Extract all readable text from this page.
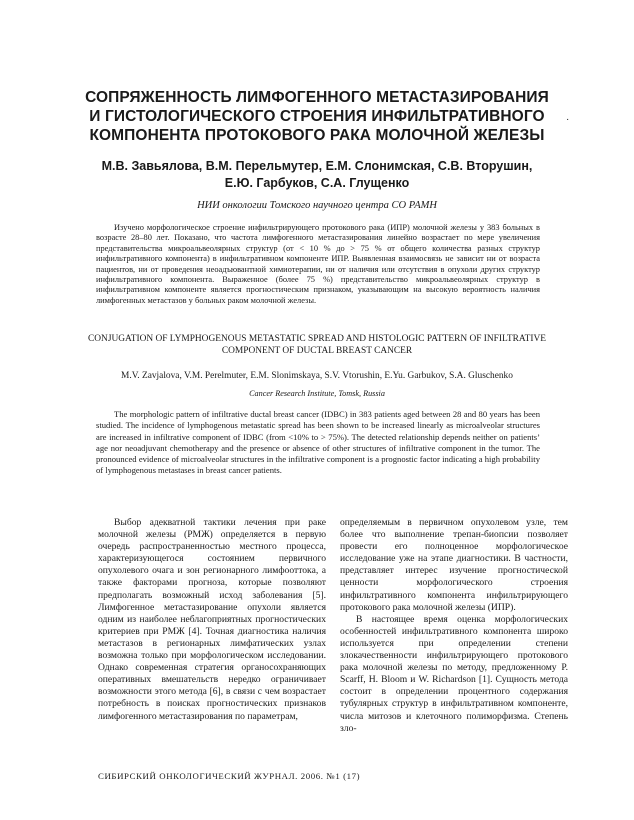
СОПРЯЖЕННОСТЬ ЛИМФОГЕННОГО МЕТАСТАЗИРОВАНИЯ
И ГИСТОЛОГИЧЕСКОГО СТРОЕНИЯ ИНФИЛЬТРАТИВНОГО
КОМПОНЕНТА ПРОТОКОВОГО РАКА МОЛОЧНОЙ ЖЕЛЕЗЫ
·
М.В. Завьялова, В.М. Перельмутер, Е.М. Слонимская, С.В. Вторушин,
Е.Ю. Гарбуков, С.А. Глущенко
НИИ онкологии Томского научного центра СО РАМН

Изучено морфологическое строение инфильтрирующего протокового рака (ИПР) молочной железы у 383 больных в возрасте 28–80 лет. Показано, что частота лимфогенного метастазирования линейно возрастает по мере увеличения представительства микроальвеолярных структур (от < 10 % до > 75 % от общего количества разных структур инфильтративного компонента) в инфильтративном компоненте ИПР. Выявленная взаимосвязь не зависит ни от возраста пациентов, ни от проведения неоадъювантной химиотерапии, ни от наличия или отсутствия в опухоли других структур инфильтративного компонента. Выраженное (более 75 %) представительство микроальвеолярных структур в инфильтративном компоненте является прогностическим признаком, указывающим на высокую вероятность наличия лимфогенных метастазов у больных раком молочной железы.

CONJUGATION OF LYMPHOGENOUS METASTATIC SPREAD AND HISTOLOGIC PATTERN OF INFILTRATIVE
COMPONENT OF DUCTAL BREAST CANCER
M.V. Zavjalova, V.M. Perelmuter, E.M. Slonimskaya, S.V. Vtorushin, E.Yu. Garbukov, S.A. Gluschenko
Cancer Research Institute, Tomsk, Russia

The morphologic pattern of infiltrative ductal breast cancer (IDBC) in 383 patients aged between 28 and 80 years has been studied. The incidence of lymphogenous metastatic spread has been shown to be increased linearly as microalveolar structures are increased in infiltrative component of IDBC (from <10% to > 75%). The detected relationship depends neither on patients’ age nor neoadjuvant chemotherapy and the presence or absence of other structures of infiltrative component in the tumor. The pronounced evidence of microalveolar structures in the infiltrative component is a prognostic factor indicating a high probability of lymphogenous metastases in breast cancer patients.

Выбор адекватной тактики лечения при раке молочной железы (РМЖ) определяется в первую очередь распространенностью местного процесса, характеризующегося состоянием первичного опухолевого очага и зон регионарного лимфооттока, а также факторами прогноза, которые позволяют предполагать возможный исход заболевания [5]. Лимфогенное метастазирование опухоли является одним из наиболее неблагоприятных прогностических критериев при РМЖ [4]. Точная диагностика наличия метастазов в регионарных лимфатических узлах возможна только при морфологическом исследовании. Однако современная стратегия органосохраняющих оперативных вмешательств нередко ограничивает возможности этого метода [6], в связи с чем возрастает потребность в поисках прогностических признаков лимфогенного метастазирования по параметрам,

определяемым в первичном опухолевом узле, тем более что выполнение трепан-биопсии позволяет провести его полноценное морфологическое исследование уже на этапе диагностики. В частности, представляет интерес изучение прогностической ценности морфологического строения инфильтративного компонента инфильтрирующего протокового рака молочной железы (ИПР).

В настоящее время оценка морфологических особенностей инфильтративного компонента широко используется при определении степени злокачественности инфильтрирующего протокового рака молочной железы по методу, предложенному P. Scarff, H. Bloom и W. Richardson [1]. Сущность метода состоит в определении процентного содержания тубулярных структур в инфильтративном компоненте, числа митозов и клеточного полиморфизма. Степень зло-

СИБИРСКИЙ ОНКОЛОГИЧЕСКИЙ ЖУРНАЛ. 2006. №1 (17)
